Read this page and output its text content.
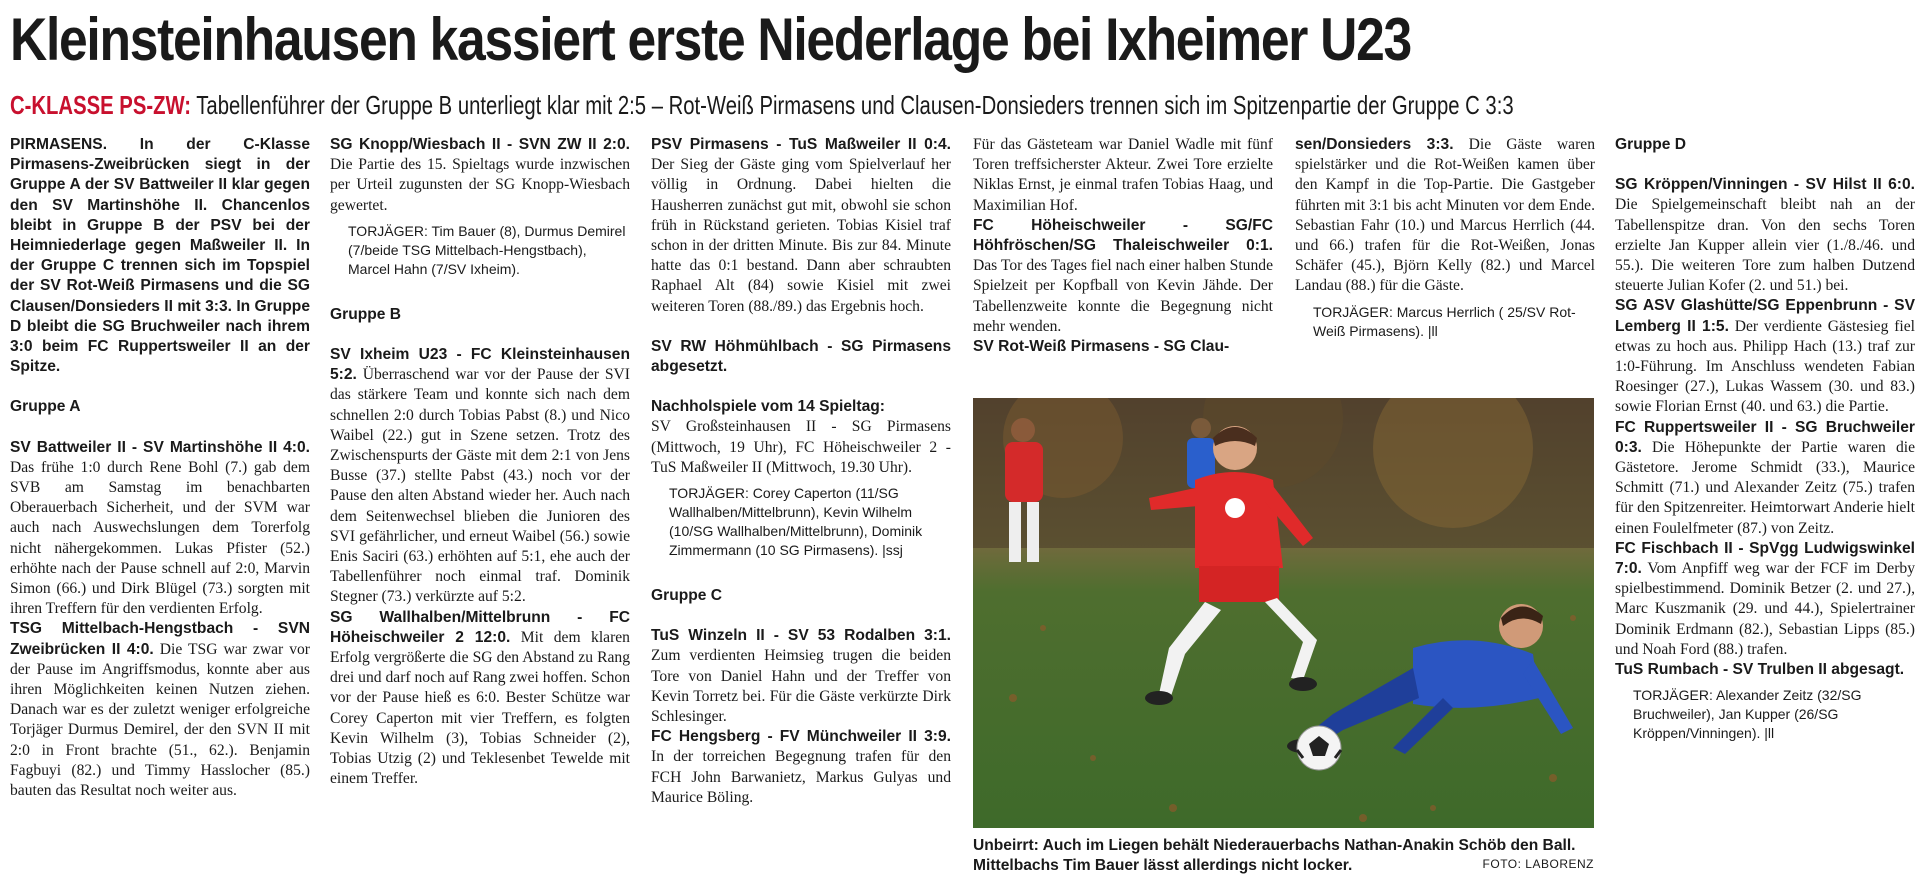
Kleinsteinhausen kassiert erste Niederlage bei Ixheimer U23
C-KLASSE PS-ZW: Tabellenführer der Gruppe B unterliegt klar mit 2:5 – Rot-Weiß Pirmasens und Clausen-Donsieders trennen sich im Spitzenpartie der Gruppe C 3:3

PIRMASENS. In der C-Klasse Pirmasens-Zweibrücken siegt in der Gruppe A der SV Battweiler II klar gegen den SV Martinshöhe II. Chancenlos bleibt in Gruppe B der PSV bei der Heimniederlage gegen Maßweiler II. In der Gruppe C trennen sich im Topspiel der SV Rot-Weiß Pirmasens und die SG Clausen/Donsieders II mit 3:3. In Gruppe D bleibt die SG Bruchweiler nach ihrem 3:0 beim FC Ruppertsweiler II an der Spitze.

Gruppe A

SV Battweiler II - SV Martinshöhe II 4:0. Das frühe 1:0 durch Rene Bohl (7.) gab dem SVB am Samstag im benachbarten Oberauerbach Sicherheit, und der SVM war auch nach Auswechslungen dem Torerfolg nicht nähergekommen. Lukas Pfister (52.) erhöhte nach der Pause schnell auf 2:0, Marvin Simon (66.) und Dirk Blügel (73.) sorgten mit ihren Treffern für den verdienten Erfolg.

TSG Mittelbach-Hengstbach - SVN Zweibrücken II 4:0. Die TSG war zwar vor der Pause im Angriffsmodus, konnte aber aus ihren Möglichkeiten keinen Nutzen ziehen. Danach war es der zuletzt weniger erfolgreiche Torjäger Durmus Demirel, der den SVN II mit 2:0 in Front brachte (51., 62.). Benjamin Fagbuyi (82.) und Timmy Hasslocher (85.) bauten das Resultat noch weiter aus.

SG Knopp/Wiesbach II - SVN ZW II 2:0. Die Partie des 15. Spieltags wurde inzwischen per Urteil zugunsten der SG Knopp-Wiesbach gewertet.

TORJÄGER: Tim Bauer (8), Durmus Demirel (7/beide TSG Mittelbach-Hengstbach), Marcel Hahn (7/SV Ixheim).

Gruppe B

SV Ixheim U23 - FC Kleinsteinhausen 5:2. Überraschend war vor der Pause der SVI das stärkere Team und konnte sich nach dem schnellen 2:0 durch Tobias Pabst (8.) und Nico Waibel (22.) gut in Szene setzen. Trotz des Zwischenspurts der Gäste mit dem 2:1 von Jens Busse (37.) stellte Pabst (43.) noch vor der Pause den alten Abstand wieder her. Auch nach dem Seitenwechsel blieben die Junioren des SVI gefährlicher, und erneut Waibel (56.) sowie Enis Saciri (63.) erhöhten auf 5:1, ehe auch der Tabellenführer noch einmal traf. Dominik Stegner (73.) verkürzte auf 5:2.

SG Wallhalben/Mittelbrunn - FC Höheischweiler 2 12:0. Mit dem klaren Erfolg vergrößerte die SG den Abstand zu Rang drei und darf noch auf Rang zwei hoffen. Schon vor der Pause hieß es 6:0. Bester Schütze war Corey Caperton mit vier Treffern, es folgten Kevin Wilhelm (3), Tobias Schneider (2), Tobias Utzig (2) und Teklesenbet Tewelde mit einem Treffer.

PSV Pirmasens - TuS Maßweiler II 0:4. Der Sieg der Gäste ging vom Spielverlauf her völlig in Ordnung. Dabei hielten die Hausherren zunächst gut mit, obwohl sie schon früh in Rückstand gerieten. Tobias Kisiel traf schon in der dritten Minute. Bis zur 84. Minute hatte das 0:1 bestand. Dann aber schraubten Raphael Alt (84) sowie Kisiel mit zwei weiteren Toren (88./89.) das Ergebnis hoch.

SV RW Höhmühlbach - SG Pirmasens abgesetzt.

Nachholspiele vom 14 Spieltag:

SV Großsteinhausen II - SG Pirmasens (Mittwoch, 19 Uhr), FC Höheischweiler 2 - TuS Maßweiler II (Mittwoch, 19.30 Uhr).

TORJÄGER: Corey Caperton (11/SG Wallhalben/Mittelbrunn), Kevin Wilhelm (10/SG Wallhalben/Mittelbrunn), Dominik Zimmermann (10 SG Pirmasens). |ssj

Gruppe C

TuS Winzeln II - SV 53 Rodalben 3:1. Zum verdienten Heimsieg trugen die beiden Tore von Daniel Hahn und der Treffer von Kevin Torretz bei. Für die Gäste verkürzte Dirk Schlesinger.

FC Hengsberg - FV Münchweiler II 3:9. In der torreichen Begegnung trafen für den FCH John Barwanietz, Markus Gulyas und Maurice Böling.

Für das Gästeteam war Daniel Wadle mit fünf Toren treffsicherster Akteur. Zwei Tore erzielte Niklas Ernst, je einmal trafen Tobias Haag, und Maximilian Hof.

FC Höheischweiler - SG/FC Höhfröschen/SG Thaleischweiler 0:1. Das Tor des Tages fiel nach einer halben Stunde Spielzeit per Kopfball von Kevin Jähde. Der Tabellenzweite konnte die Begegnung nicht mehr wenden.

SV Rot-Weiß Pirmasens - SG Clau-

sen/Donsieders 3:3. Die Gäste waren spielstärker und die Rot-Weißen kamen über den Kampf in die Top-Partie. Die Gastgeber führten mit 3:1 bis acht Minuten vor dem Ende. Sebastian Fahr (10.) und Marcus Herrlich (44. und 66.) trafen für die Rot-Weißen, Jonas Schäfer (45.), Björn Kelly (82.) und Marcel Landau (88.) für die Gäste.

TORJÄGER: Marcus Herrlich ( 25/SV Rot-Weiß Pirmasens). |ll

Gruppe D

SG Kröppen/Vinningen - SV Hilst II 6:0. Die Spielgemeinschaft bleibt nah an der Tabellenspitze dran. Von den sechs Toren erzielte Jan Kupper allein vier (1./8./46. und 55.). Die weiteren Tore zum halben Dutzend steuerte Julian Kofer (2. und 51.) bei.

SG ASV Glashütte/SG Eppenbrunn - SV Lemberg II 1:5. Der verdiente Gästesieg fiel etwas zu hoch aus. Philipp Hach (13.) traf zur 1:0-Führung. Im Anschluss wendeten Fabian Roesinger (27.), Lukas Wassem (30. und 83.) sowie Florian Ernst (40. und 63.) die Partie.

FC Ruppertsweiler II - SG Bruchweiler 0:3. Die Höhepunkte der Partie waren die Gästetore. Jerome Schmidt (33.), Maurice Schmitt (71.) und Alexander Zeitz (75.) trafen für den Spitzenreiter. Heimtorwart Anderie hielt einen Foulelfmeter (87.) von Zeitz.

FC Fischbach II - SpVgg Ludwigswinkel 7:0. Vom Anpfiff weg war der FCF im Derby spielbestimmend. Dominik Betzer (2. und 27.), Marc Kuszmanik (29. und 44.), Spielertrainer Dominik Erdmann (82.), Sebastian Lipps (85.) und Noah Ford (88.) trafen.

TuS Rumbach - SV Trulben II abgesagt.

TORJÄGER: Alexander Zeitz (32/SG Bruchweiler), Jan Kupper (26/SG Kröppen/Vinningen). |ll

Unbeirrt: Auch im Liegen behält Niederauerbachs Nathan-Anakin Schöb den Ball. Mittelbachs Tim Bauer lässt allerdings nicht locker.	FOTO: LABORENZ
